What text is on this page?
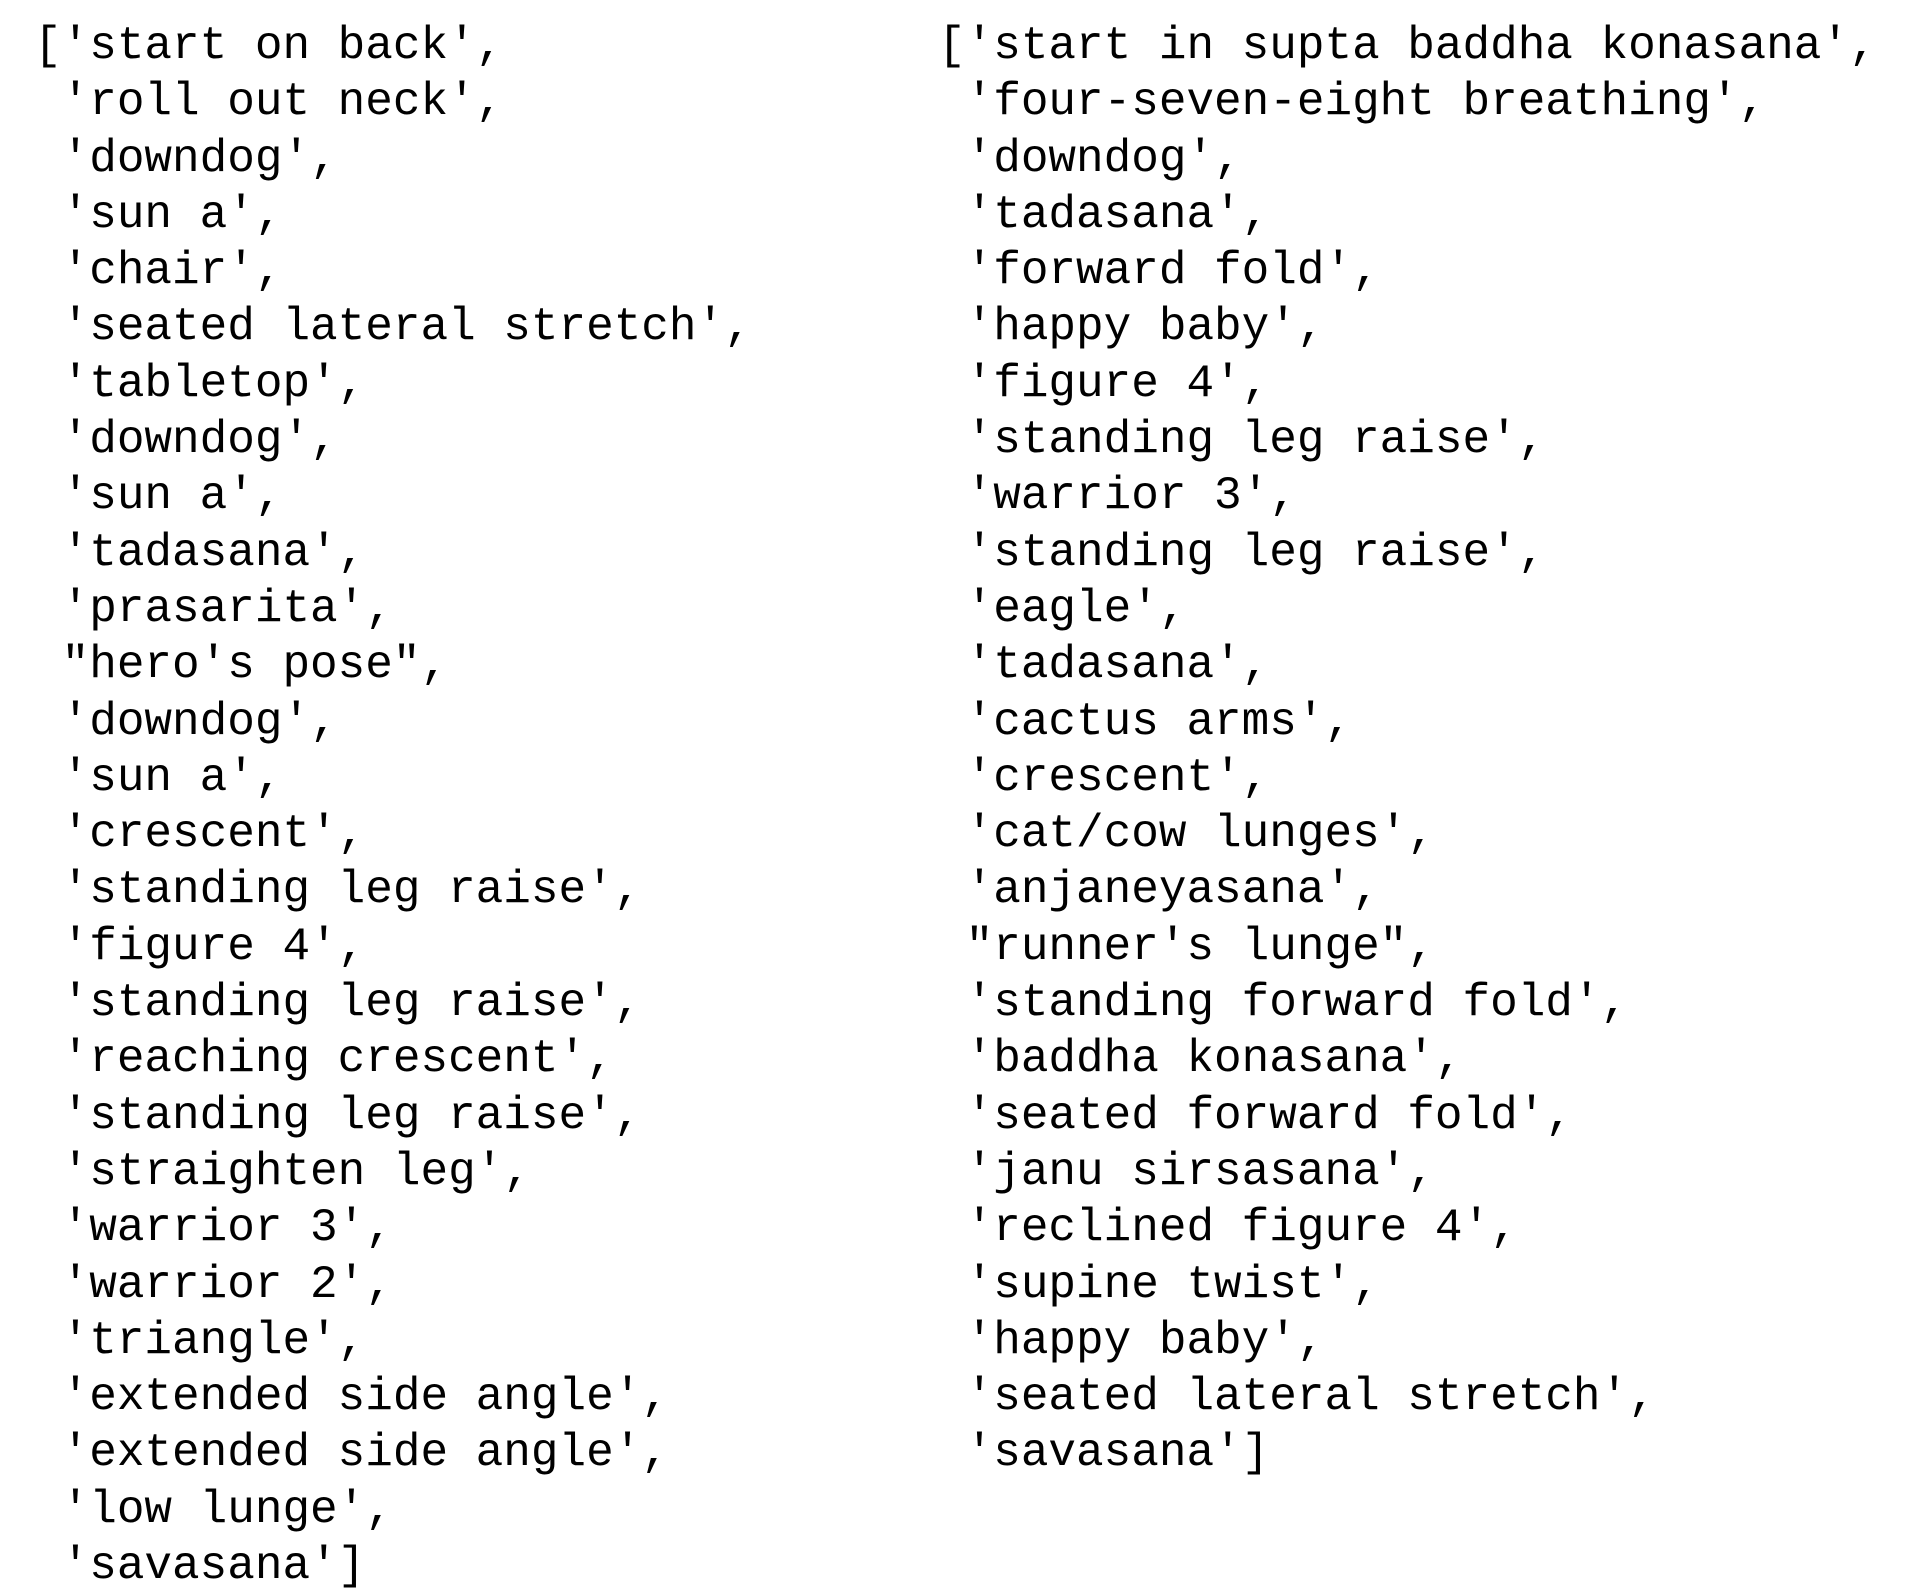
['start on back',
'roll out neck',
'downdog',
'sun a',
'chair',
'seated lateral stretch',
'tabletop',
'downdog',
'sun a',
'tadasana',
'prasarita',
"hero's pose",
'downdog',
'sun a',
'crescent',
'standing leg raise',
'figure 4',
'standing leg raise',
'reaching crescent',
'standing leg raise',
'straighten leg',
'warrior 3',
'warrior 2',
'triangle',
'extended side angle',
'extended side angle',
'low lunge',
'savasana']
['start in supta baddha konasana',
'four-seven-eight breathing',
'downdog',
'tadasana',
'forward fold',
'happy baby',
'figure 4',
'standing leg raise',
'warrior 3',
'standing leg raise',
'eagle',
'tadasana',
'cactus arms',
'crescent',
'cat/cow lunges',
'anjaneyasana',
"runner's lunge",
'standing forward fold',
'baddha konasana',
'seated forward fold',
'janu sirsasana',
'reclined figure 4',
'supine twist',
'happy baby',
'seated lateral stretch',
'savasana']
